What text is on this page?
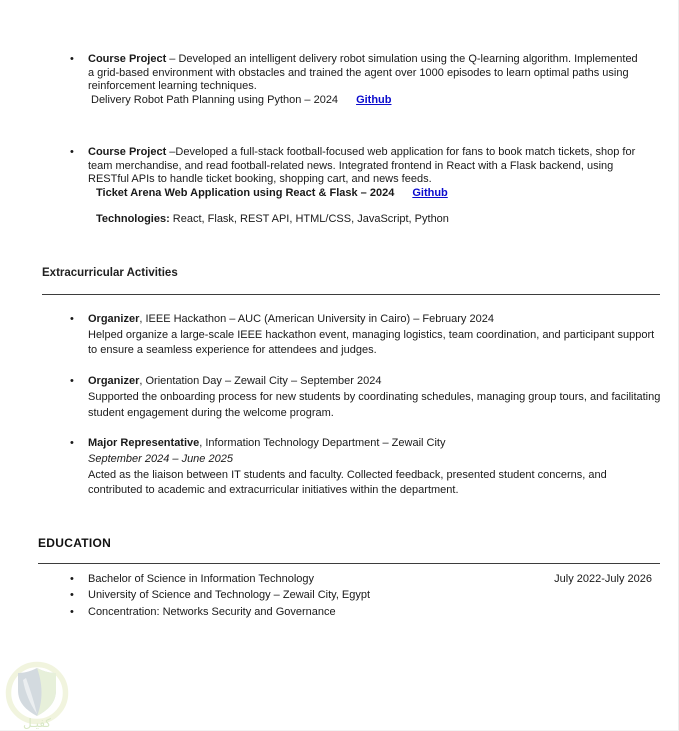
•

Course Project – Developed an intelligent delivery robot simulation using the Q-learning algorithm. Implemented a grid-based environment with obstacles and trained the agent over 1000 episodes to learn optimal paths using reinforcement learning techniques.

Delivery Robot Path Planning using Python – 2024 Github
•

Course Project –Developed a full-stack football-focused web application for fans to book match tickets, shop for team merchandise, and read football-related news. Integrated frontend in React with a Flask backend, using RESTful APIs to handle ticket booking, shopping cart, and news feeds.

Ticket Arena Web Application using React & Flask – 2024 Github
Technologies: React, Flask, REST API, HTML/CSS, JavaScript, Python
Extracurricular Activities
•
Organizer, IEEE Hackathon – AUC (American University in Cairo) – February 2024
Helped organize a large-scale IEEE hackathon event, managing logistics, team coordination, and participant support to ensure a seamless experience for attendees and judges.
•
Organizer, Orientation Day – Zewail City – September 2024
Supported the onboarding process for new students by coordinating schedules, managing group tours, and facilitating student engagement during the welcome program.
•
Major Representative, Information Technology Department – Zewail City
September 2024 – June 2025
Acted as the liaison between IT students and faculty. Collected feedback, presented student concerns, and contributed to academic and extracurricular initiatives within the department.
EDUCATION
•
Bachelor of Science in Information Technology	July 2022-July 2026
•
University of Science and Technology – Zewail City, Egypt
•
Concentration: Networks Security and Governance
كفيـل
